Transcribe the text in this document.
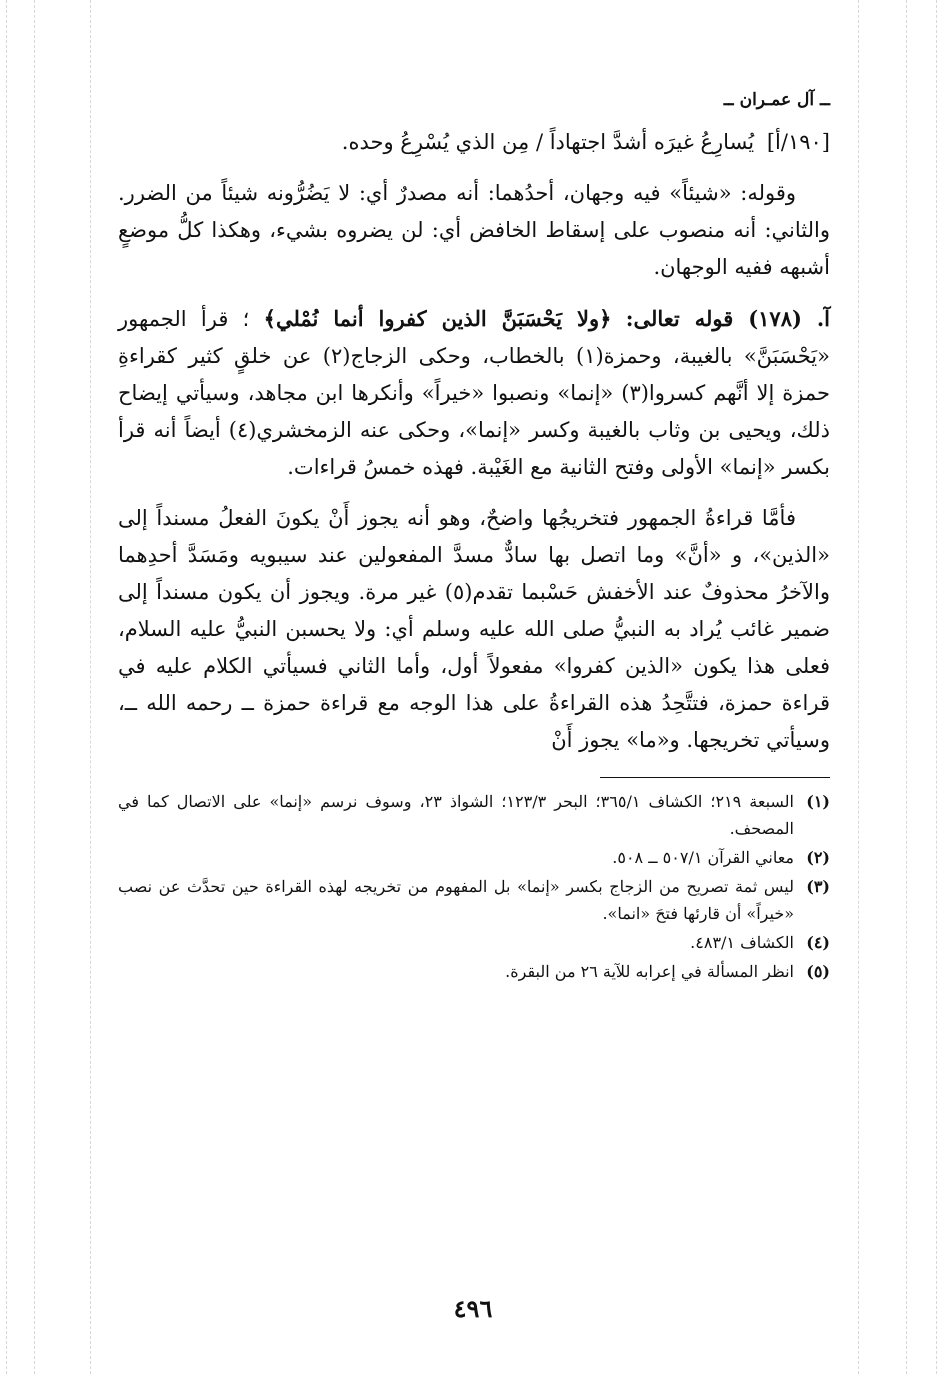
ــ آل عمـران ــ

[١٩٠/أ] يُسارِعُ غيرَه أشدَّ اجتهاداً / مِن الذي يُسْرِعُ وحده.

وقوله: «شيئاً» فيه وجهان، أحدُهما: أنه مصدرٌ أي: لا يَضُرُّونه شيئاً من الضرر. والثاني: أنه منصوب على إسقاط الخافض أي: لن يضروه بشيء، وهكذا كلُّ موضعٍ أشبهه ففيه الوجهان.

آ. (١٧٨) قوله تعالى: ﴿ولا يَحْسَبَنَّ الذين كفروا أنما نُمْلي﴾ ؛ قرأ الجمهور «يَحْسَبَنَّ» بالغيبة، وحمزة(١) بالخطاب، وحكى الزجاج(٢) عن خلقٍ كثير كقراءةِ حمزة إلا أنَّهم كسروا(٣) «إنما» ونصبوا «خيراً» وأنكرها ابن مجاهد، وسيأتي إيضاح ذلك، ويحيى بن وثاب بالغيبة وكسر «إنما»، وحكى عنه الزمخشري(٤) أيضاً أنه قرأ بكسر «إنما» الأولى وفتح الثانية مع الغَيْبة. فهذه خمسُ قراءات.

فأمَّا قراءةُ الجمهور فتخريجُها واضحٌ، وهو أنه يجوز أَنْ يكونَ الفعلُ مسنداً إلى «الذين»، و «أنَّ» وما اتصل بها سادٌّ مسدَّ المفعولين عند سيبويه ومَسَدَّ أحدِهما والآخرُ محذوفٌ عند الأخفش حَسْبما تقدم(٥) غير مرة. ويجوز أن يكون مسنداً إلى ضمير غائب يُراد به النبيُّ صلى الله عليه وسلم أي: ولا يحسبن النبيُّ عليه السلام، فعلى هذا يكون «الذين كفروا» مفعولاً أول، وأما الثاني فسيأتي الكلام عليه في قراءة حمزة، فتتَّحِدُ هذه القراءةُ على هذا الوجه مع قراءة حمزة ــ رحمه الله ــ، وسيأتي تخريجها. و«ما» يجوز أَنْ

(١)
السبعة ٢١٩؛ الكشاف ٣٦٥/١؛ البحر ١٢٣/٣؛ الشواذ ٢٣، وسوف نرسم «إنما» على الاتصال كما في المصحف.
(٢)
معاني القرآن ٥٠٧/١ ــ ٥٠٨.
(٣)
ليس ثمة تصريح من الزجاج بكسر «إنما» بل المفهوم من تخريجه لهذه القراءة حين تحدَّث عن نصب «خيراً» أن قارئها فتحَ «انما».
(٤)
الكشاف ٤٨٣/١.
(٥)
انظر المسألة في إعرابه للآية ٢٦ من البقرة.
٤٩٦
